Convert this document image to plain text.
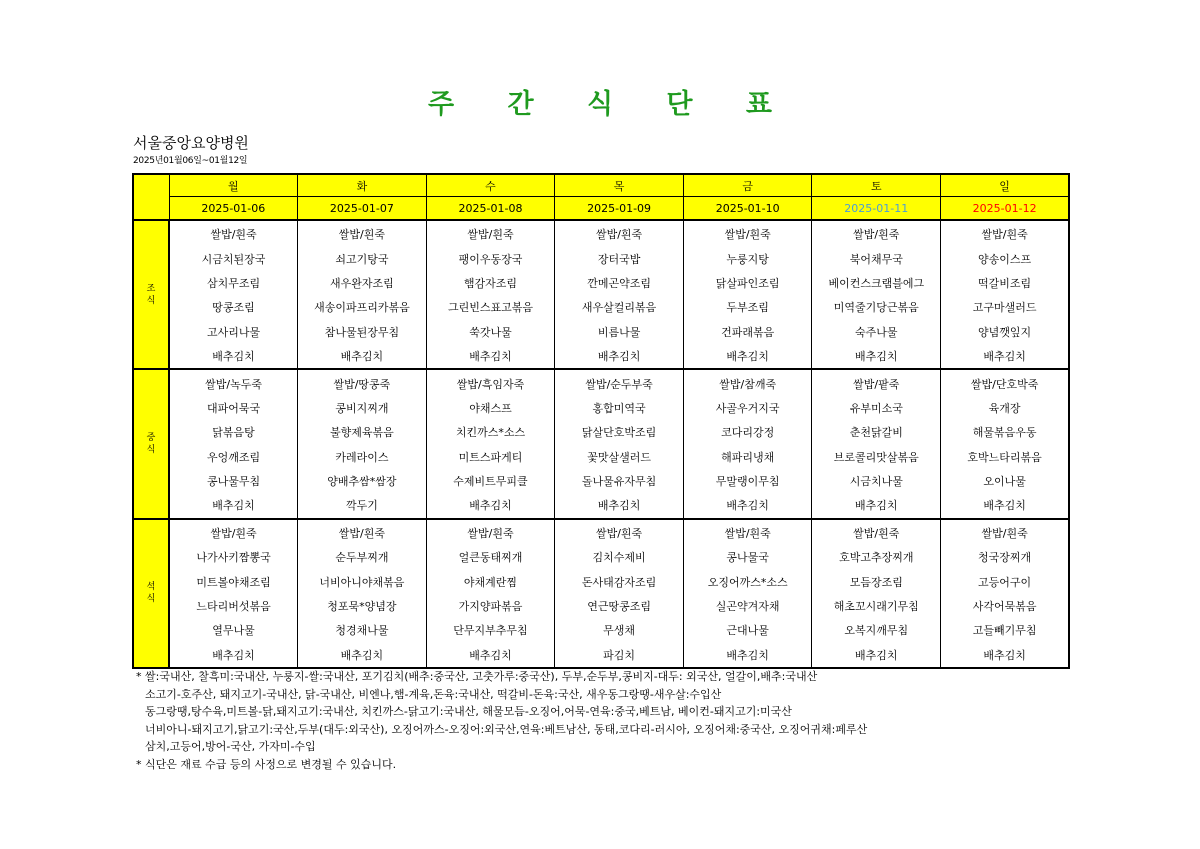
주 간 식 단 표
서울중앙요양병원
2025년01월06일~01월12일
	월	화	수	목	금	토	일
	2025-01-06	2025-01-07	2025-01-08	2025-01-09	2025-01-10	2025-01-11	2025-01-12

조
식	쌀밥/흰죽	쌀밥/흰죽	쌀밥/흰죽	쌀밥/흰죽	쌀밥/흰죽	쌀밥/흰죽	쌀밥/흰죽
	시금치된장국	쇠고기탕국	팽이우동장국	장터국밥	누룽지탕	북어채무국	양송이스프
	삼치무조림	새우완자조림	햄감자조림	깐메곤약조림	닭살파인조림	베이컨스크램블에그	떡갈비조림
	땅콩조림	새송이파프리카볶음	그린빈스표고볶음	새우살컬리볶음	두부조림	미역줄기당근볶음	고구마샐러드
	고사리나물	참나물된장무침	쑥갓나물	비름나물	건파래볶음	숙주나물	양념깻잎지
	배추김치	배추김치	배추김치	배추김치	배추김치	배추김치	배추김치

중
식	쌀밥/녹두죽	쌀밥/땅콩죽	쌀밥/흑임자죽	쌀밥/순두부죽	쌀밥/참깨죽	쌀밥/팥죽	쌀밥/단호박죽
	대파어묵국	콩비지찌개	야채스프	홍합미역국	사골우거지국	유부미소국	육개장
	닭볶음탕	불향제육볶음	치킨까스*소스	닭살단호박조림	코다리강정	춘천닭갈비	해물볶음우동
	우엉깨조림	카레라이스	미트스파게티	꽃맛살샐러드	해파리냉채	브로콜리맛살볶음	호박느타리볶음
	콩나물무침	양배추쌈*쌈장	수제비트무피클	돌나물유자무침	무말랭이무침	시금치나물	오이나물
	배추김치	깍두기	배추김치	배추김치	배추김치	배추김치	배추김치

석
식	쌀밥/흰죽	쌀밥/흰죽	쌀밥/흰죽	쌀밥/흰죽	쌀밥/흰죽	쌀밥/흰죽	쌀밥/흰죽
	나가사키짬뽕국	순두부찌개	얼큰동태찌개	김치수제비	콩나물국	호박고추장찌개	청국장찌개
	미트볼야채조림	너비아니야채볶음	야채계란찜	돈사태감자조림	오징어까스*소스	모듬장조림	고등어구이
	느타리버섯볶음	청포묵*양념장	가지양파볶음	연근땅콩조림	실곤약겨자채	해초꼬시래기무침	사각어묵볶음
	열무나물	청경채나물	단무지부추무침	무생채	근대나물	오복지깨무침	고들빼기무침
	배추김치	배추김치	배추김치	파김치	배추김치	배추김치	배추김치
* 쌀:국내산, 찰흑미:국내산, 누룽지-쌀:국내산, 포기김치(배추:중국산, 고춧가루:중국산), 두부,순두부,콩비지-대두: 외국산, 얼갈이,배추:국내산
소고기-호주산, 돼지고기-국내산, 닭-국내산, 비엔나,햄-계육,돈육:국내산, 떡갈비-돈육:국산, 새우동그랑땡-새우살:수입산
동그랑땡,탕수육,미트볼-닭,돼지고기:국내산, 치킨까스-닭고기:국내산, 해물모듬-오징어,어묵-연육:중국,베트남, 베이컨-돼지고기:미국산
너비아니-돼지고기,닭고기:국산,두부(대두:외국산), 오징어까스-오징어:외국산,연육:베트남산, 동태,코다리-러시아, 오징어채:중국산, 오징어귀채:페루산
삼치,고등어,방어-국산, 가자미-수입
* 식단은 재료 수급 등의 사정으로 변경될 수 있습니다.
